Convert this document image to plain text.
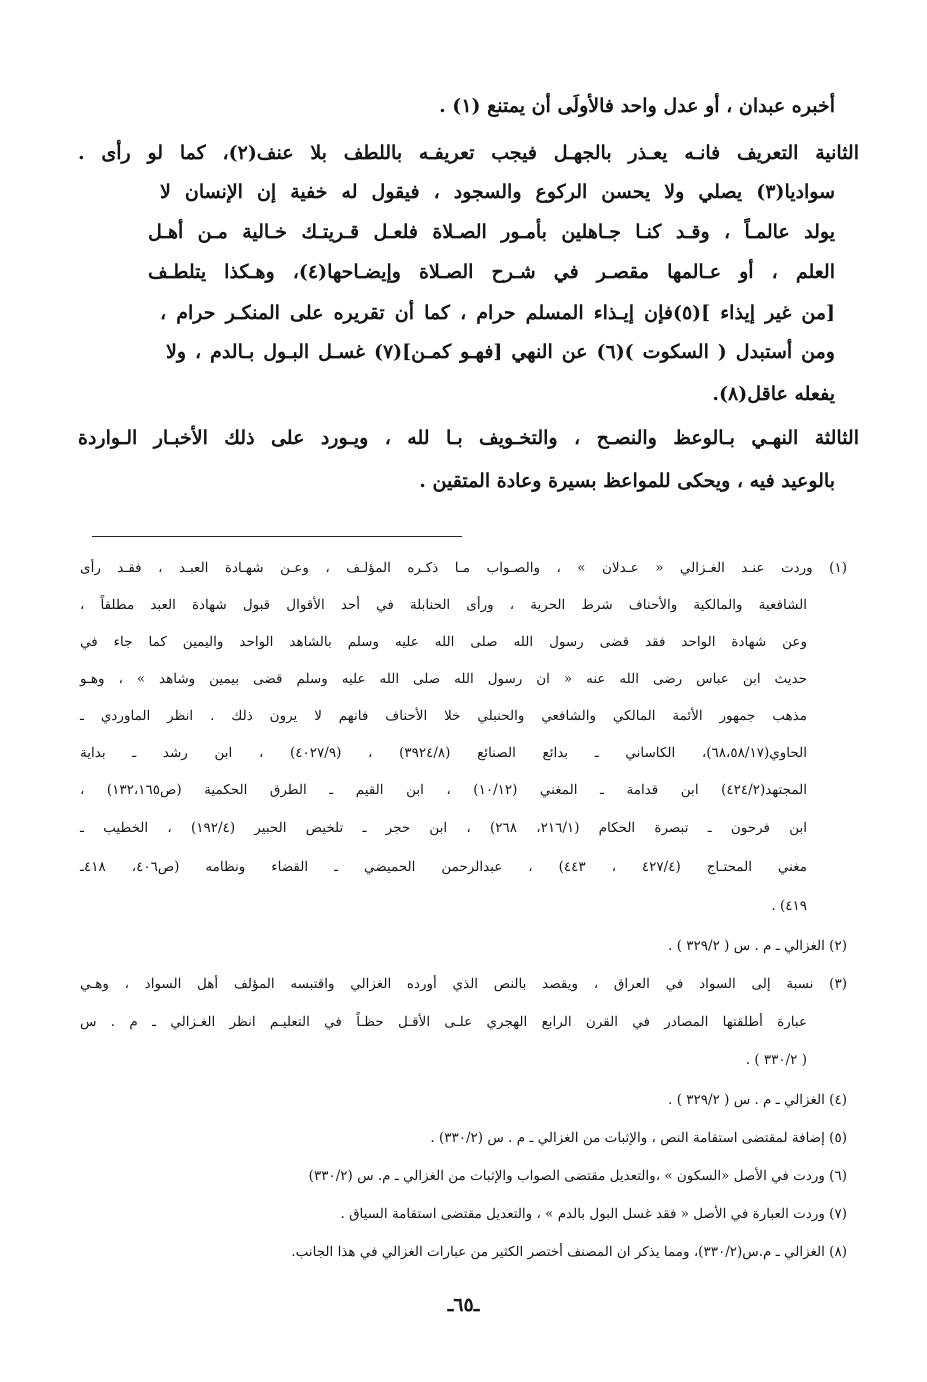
أخبره عبدان ، أو عدل واحد فالأولَى أن يمتنع (١) .
الثانية التعريف فانـه يعـذر بالجهـل فيجب تعريفـه باللطف بلا عنف(٢)، كما لو رأى .
سواديا(٣) يصلي ولا يحسن الركوع والسجود ، فيقول له خفية إن الإنسان لا
يولد عالمـاً ، وقـد كنـا جـاهلين بأمـور الصـلاة فلعـل قـريتـك خـالية مـن أهـل
العلم ، أو عـالمها مقصـر في شـرح الصـلاة وإيضـاحها(٤)، وهـكذا يتلطـف
[من غير إيذاء ](٥)فإن إيـذاء المسلم حرام ، كما أن تقريره على المنكـر حرام ،
ومن أستبدل ( السكوت )(٦) عن النهي [فهـو كمـن](٧) غسـل البـول بـالدم ، ولا
يفعله عاقل(٨).
الثالثة النهـي بـالوعظ والنصـح ، والتخـويف بـا لله ، ويـورد على ذلك الأخبـار الـواردة
بالوعيد فيه ، ويحكى للمواعظ بسيرة وعادة المتقين .
(١) وردت عنـد الغـزالي « عـدلان » ، والصـواب مـا ذكـره المؤلـف ، وعـن شهـادة العبـد ، فقـد رأى
الشافعية والمالكية والأحناف شرط الحرية ، ورأى الحنابلة في أحد الأقوال قبول شهادة العبد مطلقاً ،
وعن شهادة الواحد فقد قضى رسول الله صلى الله عليه وسلم بالشاهد الواحد واليمين كما جاء في
حديث ابن عباس رضى الله عنه « ان رسول الله صلى الله عليه وسلم قضى بيمين وشاهد » ، وهـو
مذهب جمهور الأئمة المالكي والشافعي والحنبلي خلا الأحناف فانهم لا يرون ذلك . انظر الماوردي ـ
الحاوي(٦٨،٥٨/١٧)، الكاساني ـ بدائع الصنائع (٣٩٢٤/٨) ، (٤٠٢٧/٩) ، ابن رشد ـ بداية
المجتهد(٤٢٤/٢) ابن قدامة ـ المغني (١٠/١٢) ، ابن القيم ـ الطرق الحكمية (ص١٣٢،١٦٥) ،
ابن فرحون ـ تبصرة الحكام (٢١٦/١، ٢٦٨) ، ابن حجر ـ تلخيص الحبير (١٩٢/٤) ، الخطيب ـ
مغني المحتـاج (٤٢٧/٤ ، ٤٤٣) ، عبدالرحمن الحميضي ـ القضاء ونظامه (ص٤٠٦، ٤١٨ـ
٤١٩) .
(٢) الغزالي ـ م . س ( ٣٢٩/٢ ) .
(٣) نسبة إلى السواد في العراق ، ويقصد بالنص الذي أورده الغزالي واقتبسه المؤلف أهل السواد ، وهـي
عبارة أطلقتها المصادر في القرن الرابع الهجري علـى الأقـل حظـاً في التعليـم انظر الغـزالي ـ م . س
( ٣٣٠/٢ ) .
(٤) الغزالي ـ م . س ( ٣٢٩/٢ ) .
(٥) إضافة لمقتضى استقامة النص ، والإثبات من الغزالي ـ م . س (٣٣٠/٢) .
(٦) وردت في الأصل «السكون » ،والتعديل مقتضى الصواب والإثبات من الغزالي ـ م. س (٣٣٠/٢)
(٧) وردت العبارة في الأصل « فقد غسل البول بالدم » ، والتعديل مقتضى استقامة السياق .
(٨) الغزالي ـ م.س(٣٣٠/٢)، ومما يذكر ان المصنف أختصر الكثير من عبارات الغزالي في هذا الجانب.
ـ٦٥ـ
